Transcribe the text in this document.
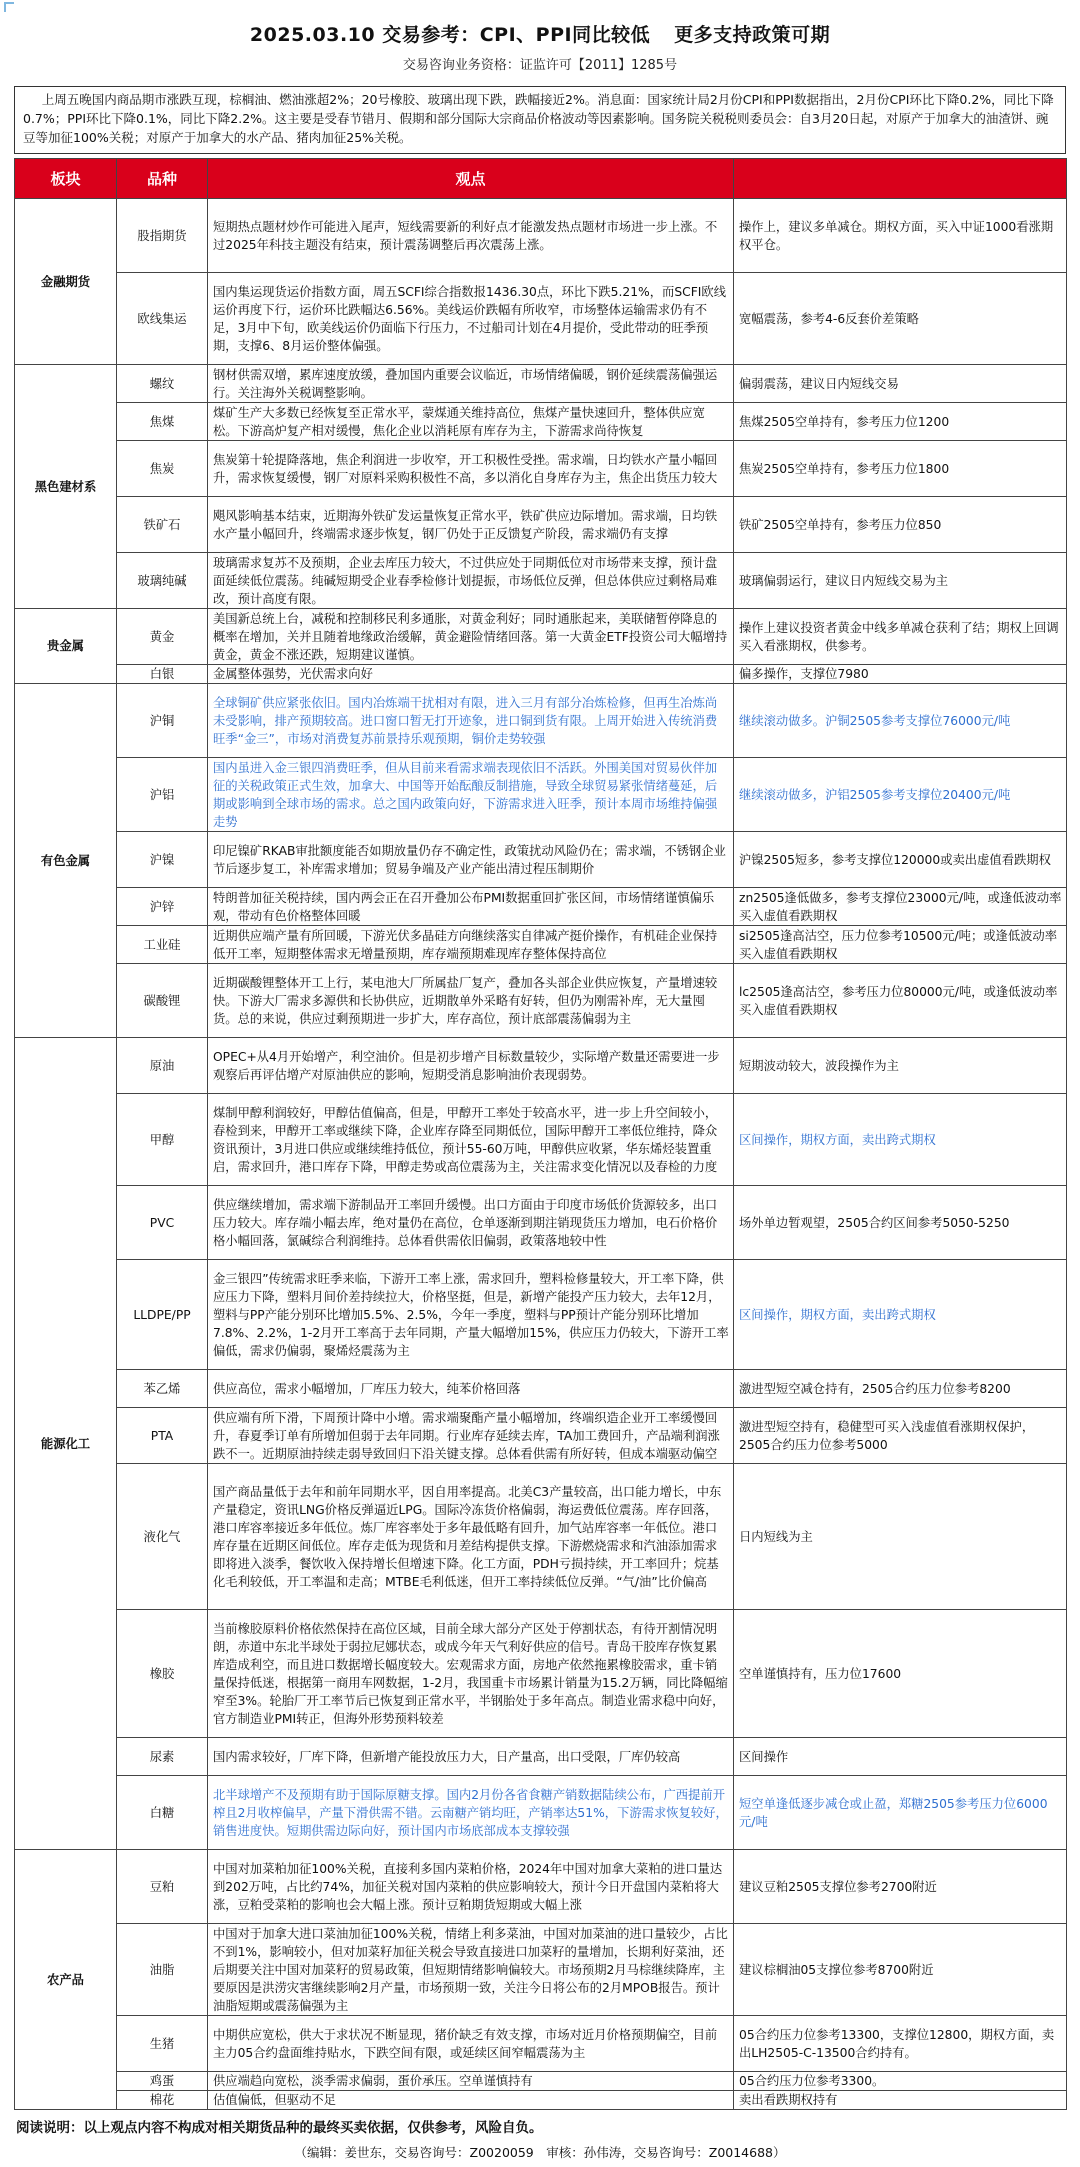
2025.03.10 交易参考：CPI、PPI同比较低 更多支持政策可期
交易咨询业务资格：证监许可【2011】1285号
上周五晚国内商品期市涨跌互现，棕榈油、燃油涨超2%；20号橡胶、玻璃出现下跌，跌幅接近2%。消息面：国家统计局2月份CPI和PPI数据指出，2月份CPI环比下降0.2%，同比下降0.7%；PPI环比下降0.1%，同比下降2.2%。这主要是受春节错月、假期和部分国际大宗商品价格波动等因素影响。国务院关税税则委员会：自3月20日起，对原产于加拿大的油渣饼、豌豆等加征100%关税；对原产于加拿大的水产品、猪肉加征25%关税。
板块	品种	观点	
金融期货	股指期货	短期热点题材炒作可能进入尾声，短线需要新的利好点才能激发热点题材市场进一步上涨。不过2025年科技主题没有结束，预计震荡调整后再次震荡上涨。	操作上，建议多单减仓。期权方面，买入中证1000看涨期权平仓。

	欧线集运	国内集运现货运价指数方面，周五SCFI综合指数报1436.30点，环比下跌5.21%，而SCFI欧线运价再度下行，运价环比跌幅达6.56%。美线运价跌幅有所收窄，市场整体运输需求仍有不足，3月中下旬，欧美线运价仍面临下行压力，不过船司计划在4月提价，受此带动的旺季预期，支撑6、8月运价整体偏强。	宽幅震荡，参考4-6反套价差策略

黑色建材系	螺纹	钢材供需双增，累库速度放缓，叠加国内重要会议临近，市场情绪偏暖，钢价延续震荡偏强运行。关注海外关税调整影响。	偏弱震荡，建议日内短线交易

	焦煤	煤矿生产大多数已经恢复至正常水平，蒙煤通关维持高位，焦煤产量快速回升，整体供应宽松。下游高炉复产相对缓慢，焦化企业以消耗原有库存为主，下游需求尚待恢复	焦煤2505空单持有，参考压力位1200

	焦炭	焦炭第十轮提降落地，焦企利润进一步收窄，开工积极性受挫。需求端，日均铁水产量小幅回升，需求恢复缓慢，钢厂对原料采购积极性不高，多以消化自身库存为主，焦企出货压力较大	焦炭2505空单持有，参考压力位1800

	铁矿石	飓风影响基本结束，近期海外铁矿发运量恢复正常水平，铁矿供应边际增加。需求端，日均铁水产量小幅回升，终端需求逐步恢复，钢厂仍处于正反馈复产阶段，需求端仍有支撑	铁矿2505空单持有，参考压力位850

	玻璃纯碱	玻璃需求复苏不及预期，企业去库压力较大，不过供应处于同期低位对市场带来支撑，预计盘面延续低位震荡。纯碱短期受企业春季检修计划提振，市场低位反弹，但总体供应过剩格局难改，预计高度有限。	玻璃偏弱运行，建议日内短线交易为主

贵金属	黄金	美国新总统上台，减税和控制移民利多通胀，对黄金利好；同时通胀起来，美联储暂停降息的概率在增加，关并且随着地缘政治缓解，黄金避险情绪回落。第一大黄金ETF投资公司大幅增持黄金，黄金不涨还跌，短期建议谨慎。	操作上建议投资者黄金中线多单减仓获利了结；期权上回调买入看涨期权，供参考。

	白银	金属整体强势，光伏需求向好	偏多操作，支撑位7980

有色金属	沪铜	全球铜矿供应紧张依旧。国内冶炼端干扰相对有限，进入三月有部分冶炼检修，但再生冶炼尚未受影响，排产预期较高。进口窗口暂无打开迹象，进口铜到货有限。上周开始进入传统消费旺季“金三”，市场对消费复苏前景持乐观预期，铜价走势较强	继续滚动做多。沪铜2505参考支撑位76000元/吨

	沪铝	国内虽进入金三银四消费旺季，但从目前来看需求端表现依旧不活跃。外围美国对贸易伙伴加征的关税政策正式生效，加拿大、中国等开始酝酿反制措施，导致全球贸易紧张情绪蔓延，后期或影响到全球市场的需求。总之国内政策向好，下游需求进入旺季，预计本周市场维持偏强走势	继续滚动做多，沪铝2505参考支撑位20400元/吨

	沪镍	印尼镍矿RKAB审批额度能否如期放量仍存不确定性，政策扰动风险仍在；需求端，不锈钢企业节后逐步复工，补库需求增加；贸易争端及产业产能出清过程压制期价	沪镍2505短多，参考支撑位120000或卖出虚值看跌期权

	沪锌	特朗普加征关税持续，国内两会正在召开叠加公布PMI数据重回扩张区间，市场情绪谨慎偏乐观，带动有色价格整体回暖	zn2505逢低做多，参考支撑位23000元/吨，或逢低波动率买入虚值看跌期权

	工业硅	近期供应端产量有所回暖，下游光伏多晶硅方向继续落实自律减产挺价操作，有机硅企业保持低开工率，短期整体需求无增量预期，库存端预期难现库存整体保持高位	si2505逢高沽空，压力位参考10500元/吨；或逢低波动率买入虚值看跌期权

	碳酸锂	近期碳酸锂整体开工上行，某电池大厂所属盐厂复产，叠加各头部企业供应恢复，产量增速较快。下游大厂需求多源供和长协供应，近期散单外采略有好转，但仍为刚需补库，无大量囤货。总的来说，供应过剩预期进一步扩大，库存高位，预计底部震荡偏弱为主	lc2505逢高沽空，参考压力位80000元/吨，或逢低波动率买入虚值看跌期权

能源化工	原油	OPEC+从4月开始增产，利空油价。但是初步增产目标数量较少，实际增产数量还需要进一步观察后再评估增产对原油供应的影响，短期受消息影响油价表现弱势。	短期波动较大，波段操作为主

	甲醇	煤制甲醇利润较好，甲醇估值偏高，但是，甲醇开工率处于较高水平，进一步上升空间较小，春检到来，甲醇开工率或继续下降，企业库存降至同期低位，国际甲醇开工率低位维持，降众资讯预计，3月进口供应或继续维持低位，预计55-60万吨，甲醇供应收紧，华东烯烃装置重启，需求回升，港口库存下降，甲醇走势或高位震荡为主，关注需求变化情况以及春检的力度	区间操作，期权方面，卖出跨式期权

	PVC	供应继续增加，需求端下游制品开工率回升缓慢。出口方面由于印度市场低价货源较多，出口压力较大。库存端小幅去库，绝对量仍在高位，仓单逐渐到期注销现货压力增加，电石价格价格小幅回落，氯碱综合利润维持。总体看供需依旧偏弱，政策落地较中性	场外单边暂观望，2505合约区间参考5050-5250

	LLDPE/PP	金三银四”传统需求旺季来临，下游开工率上涨，需求回升，塑料检修量较大，开工率下降，供应压力下降，塑料月间价差持续拉大，价格坚挺，但是，新增产能投产压力较大，去年12月，塑料与PP产能分别环比增加5.5%、2.5%，今年一季度，塑料与PP预计产能分别环比增加7.8%、2.2%，1-2月开工率高于去年同期，产量大幅增加15%，供应压力仍较大，下游开工率偏低，需求仍偏弱，聚烯烃震荡为主	区间操作，期权方面，卖出跨式期权

	苯乙烯	供应高位，需求小幅增加，厂库压力较大，纯苯价格回落	激进型短空减仓持有，2505合约压力位参考8200

	PTA	供应端有所下滑，下周预计降中小增。需求端聚酯产量小幅增加，终端织造企业开工率缓慢回升，春夏季订单有所增加但弱于去年同期。行业库存延续去库，TA加工费回升，产品端利润涨跌不一。近期原油持续走弱导致回归下沿关键支撑。总体看供需有所好转，但成本端驱动偏空	激进型短空持有，稳健型可买入浅虚值看涨期权保护，2505合约压力位参考5000

	液化气	国产商品量低于去年和前年同期水平，因自用率提高。北美C3产量较高，出口能力增长，中东产量稳定，资讯LNG价格反弹逼近LPG。国际冷冻货价格偏弱，海运费低位震荡。库存回落，港口库容率接近多年低位。炼厂库容率处于多年最低略有回升，加气站库容率一年低位。港口库存量在近期区间低位。库存走低为现货和月差结构提供支撑。下游燃烧需求和汽油添加需求即将进入淡季，餐饮收入保持增长但增速下降。化工方面，PDH亏损持续，开工率回升；烷基化毛利较低，开工率温和走高；MTBE毛利低迷，但开工率持续低位反弹。“气/油”比价偏高	日内短线为主

	橡胶	当前橡胶原料价格依然保持在高位区域，目前全球大部分产区处于停割状态，有待开割情况明朗，赤道中东北半球处于弱拉尼娜状态，或成今年天气利好供应的信号。青岛干胶库存恢复累库造成利空，而且进口数据增长幅度较大。宏观需求方面，房地产依然拖累橡胶需求，重卡销量保持低迷，根据第一商用车网数据，1-2月，我国重卡市场累计销量为15.2万辆，同比降幅缩窄至3%。轮胎厂开工率节后已恢复到正常水平，半钢胎处于多年高点。制造业需求稳中向好，官方制造业PMI转正，但海外形势预料较差	空单谨慎持有，压力位17600

	尿素	国内需求较好，厂库下降，但新增产能投放压力大，日产量高，出口受限，厂库仍较高	区间操作

	白糖	北半球增产不及预期有助于国际原糖支撑。国内2月份各省食糖产销数据陆续公布，广西提前开榨且2月收榨偏早，产量下滑供需不错。云南糖产销均旺，产销率达51%，下游需求恢复较好，销售进度快。短期供需边际向好，预计国内市场底部成本支撑较强	短空单逢低逐步减仓或止盈，郑糖2505参考压力位6000元/吨

农产品	豆粕	中国对加菜粕加征100%关税，直接利多国内菜粕价格，2024年中国对加拿大菜粕的进口量达到202万吨，占比约74%，加征关税对国内菜粕的供应影响较大，预计今日开盘国内菜粕将大涨，豆粕受菜粕的影响也会大幅上涨。预计豆粕期货短期或大幅上涨	建议豆粕2505支撑位参考2700附近

	油脂	中国对于加拿大进口菜油加征100%关税，情绪上利多菜油，中国对加菜油的进口量较少，占比不到1%，影响较小，但对加菜籽加征关税会导致直接进口加菜籽的量增加，长期利好菜油，还后期要关注中国对加菜籽的贸易政策，但短期情绪影响偏较大。市场预期2月马棕继续降库，主要原因是洪涝灾害继续影响2月产量，市场预期一致，关注今日将公布的2月MPOB报告。预计油脂短期或震荡偏强为主	建议棕榈油05支撑位参考8700附近

	生猪	中期供应宽松，供大于求状况不断显现，猪价缺乏有效支撑，市场对近月价格预期偏空，目前主力05合约盘面维持贴水，下跌空间有限，或延续区间窄幅震荡为主	05合约压力位参考13300，支撑位12800，期权方面，卖出LH2505-C-13500合约持有。

	鸡蛋	供应端趋向宽松，淡季需求偏弱，蛋价承压。空单谨慎持有	05合约压力位参考3300。

	棉花	估值偏低，但驱动不足	卖出看跌期权持有
阅读说明：以上观点内容不构成对相关期货品种的最终买卖依据，仅供参考，风险自负。
（编辑：姜世东，交易咨询号：Z0020059　审核：孙伟涛，交易咨询号：Z0014688）
